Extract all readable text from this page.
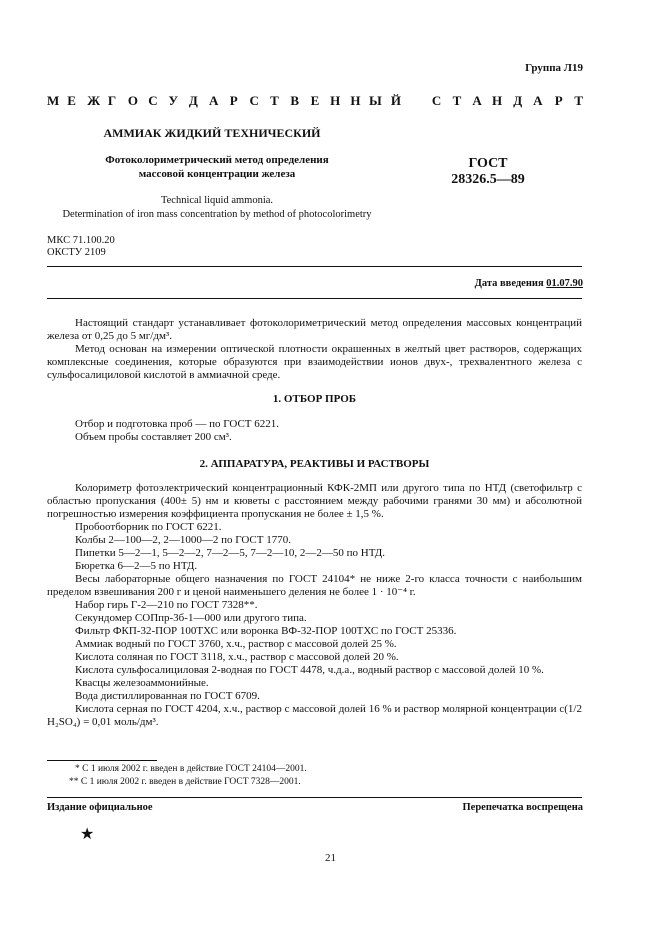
Группа Л19
М Е Ж Г О С У Д А Р С Т В Е Н Н Ы Й С Т А Н Д А Р Т
АММИАК ЖИДКИЙ ТЕХНИЧЕСКИЙ
Фотоколориметрический метод определения
массовой концентрации железа
ГОСТ
28326.5—89
Technical liquid ammonia.
Determination of iron mass concentration by method of photocolorimetry
МКС 71.100.20
ОКСТУ 2109
Дата введения 01.07.90

Настоящий стандарт устанавливает фотоколориметрический метод определения массовых концентраций железа от 0,25 до 5 мг/дм³.

Метод основан на измерении оптической плотности окрашенных в желтый цвет растворов, содержащих комплексные соединения, которые образуются при взаимодействии ионов двух-, трехвалентного железа с сульфосалициловой кислотой в аммиачной среде.

1. ОТБОР ПРОБ

Отбор и подготовка проб — по ГОСТ 6221.

Объем пробы составляет 200 см³.

2. АППАРАТУРА, РЕАКТИВЫ И РАСТВОРЫ

Колориметр фотоэлектрический концентрационный КФК-2МП или другого типа по НТД (светофильтр с областью пропускания (400± 5) нм и кюветы с расстоянием между рабочими гранями 30 мм) и абсолютной погрешностью измерения коэффициента пропускания не более ± 1,5 %.

Пробоотборник по ГОСТ 6221.

Колбы 2—100—2, 2—1000—2 по ГОСТ 1770.

Пипетки 5—2—1, 5—2—2, 7—2—5, 7—2—10, 2—2—50 по НТД.

Бюретка 6—2—5 по НТД.

Весы лабораторные общего назначения по ГОСТ 24104* не ниже 2-го класса точности с наибольшим пределом взвешивания 200 г и ценой наименьшего деления не более 1 · 10⁻⁴ г.

Набор гирь Г-2—210 по ГОСТ 7328**.

Секундомер СОПпр-3б-1—000 или другого типа.

Фильтр ФКП-32-ПОР 100ТХС или воронка ВФ-32-ПОР 100ТХС по ГОСТ 25336.

Аммиак водный по ГОСТ 3760, х.ч., раствор с массовой долей 25 %.

Кислота соляная по ГОСТ 3118, х.ч., раствор с массовой долей 20 %.

Кислота сульфосалициловая 2-водная по ГОСТ 4478, ч.д.а., водный раствор с массовой долей 10 %.

Квасцы железоаммонийные.

Вода дистиллированная по ГОСТ 6709.

Кислота серная по ГОСТ 4204, х.ч., раствор с массовой долей 16 % и раствор молярной концентрации c(1/2 H₂SO₄) = 0,01 моль/дм³.

* С 1 июля 2002 г. введен в действие ГОСТ 24104—2001.

** С 1 июля 2002 г. введен в действие ГОСТ 7328—2001.

Издание официальное	Перепечатка воспрещена
★
21
